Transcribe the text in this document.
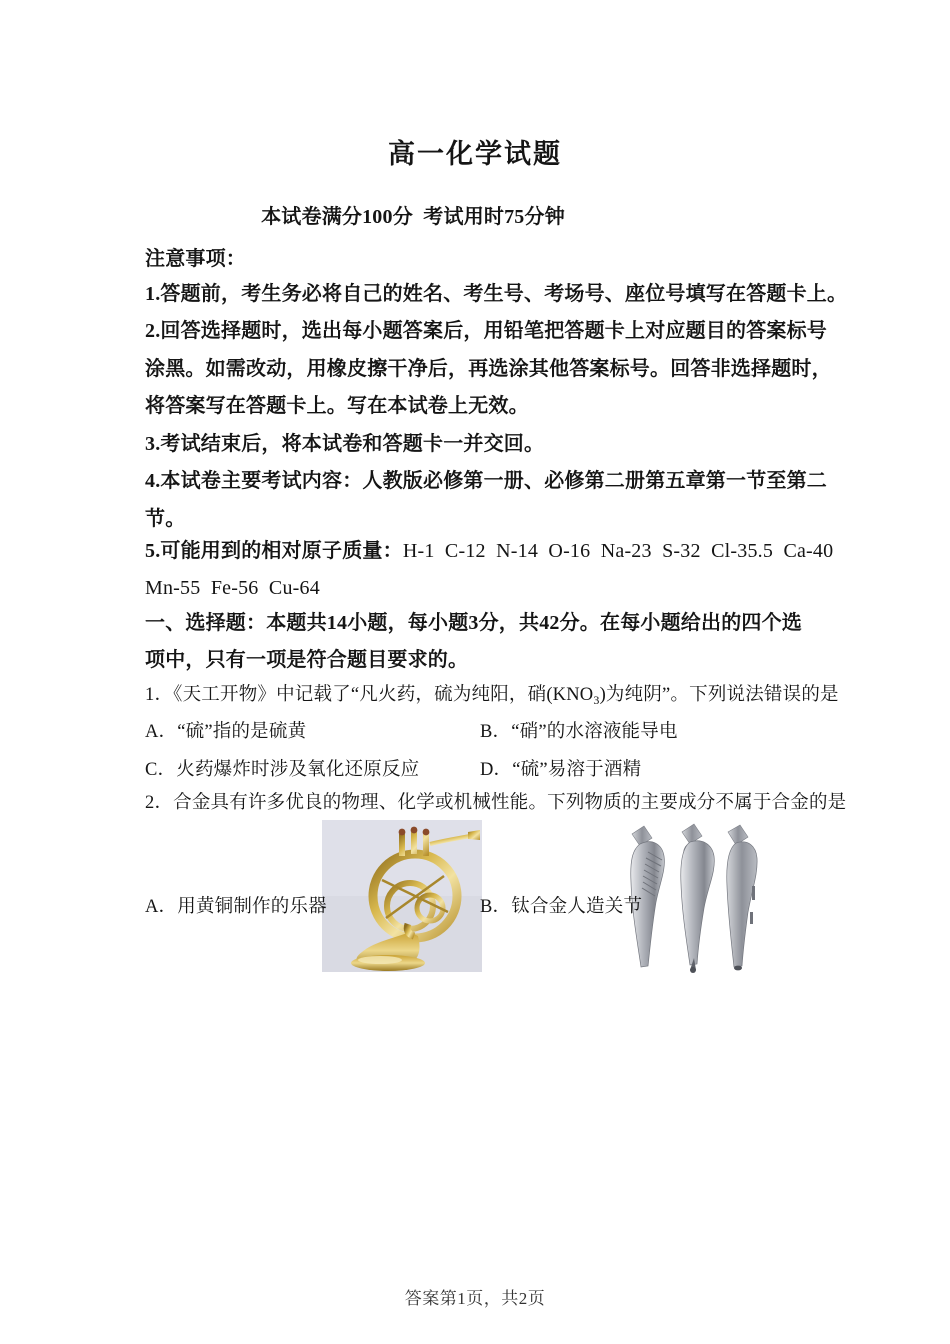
高一化学试题
本试卷满分100分  考试用时75分钟
注意事项：
1.答题前，考生务必将自己的姓名、考生号、考场号、座位号填写在答题卡上。
2.回答选择题时，选出每小题答案后，用铅笔把答题卡上对应题目的答案标号
涂黑。如需改动，用橡皮擦干净后，再选涂其他答案标号。回答非选择题时，
将答案写在答题卡上。写在本试卷上无效。
3.考试结束后，将本试卷和答题卡一并交回。
4.本试卷主要考试内容：人教版必修第一册、必修第二册第五章第一节至第二
节。
5.可能用到的相对原子质量：H-1  C-12  N-14  O-16  Na-23  S-32  Cl-35.5  Ca-40
Mn-55  Fe-56  Cu-64
一、选择题：本题共14小题，每小题3分，共42分。在每小题给出的四个选
项中，只有一项是符合题目要求的。
1．《天工开物》中记载了“凡火药，硫为纯阳，硝$(KNO_3)$为纯阴”。下列说法错误的是
A．“硫”指的是硫黄	B．“硝”的水溶液能导电
C．火药爆炸时涉及氧化还原反应	D．“硫”易溶于酒精
2．合金具有许多优良的物理、化学或机械性能。下列物质的主要成分不属于合金的是
A．用黄铜制作的乐器	B．钛合金人造关节
答案第1页，共2页
